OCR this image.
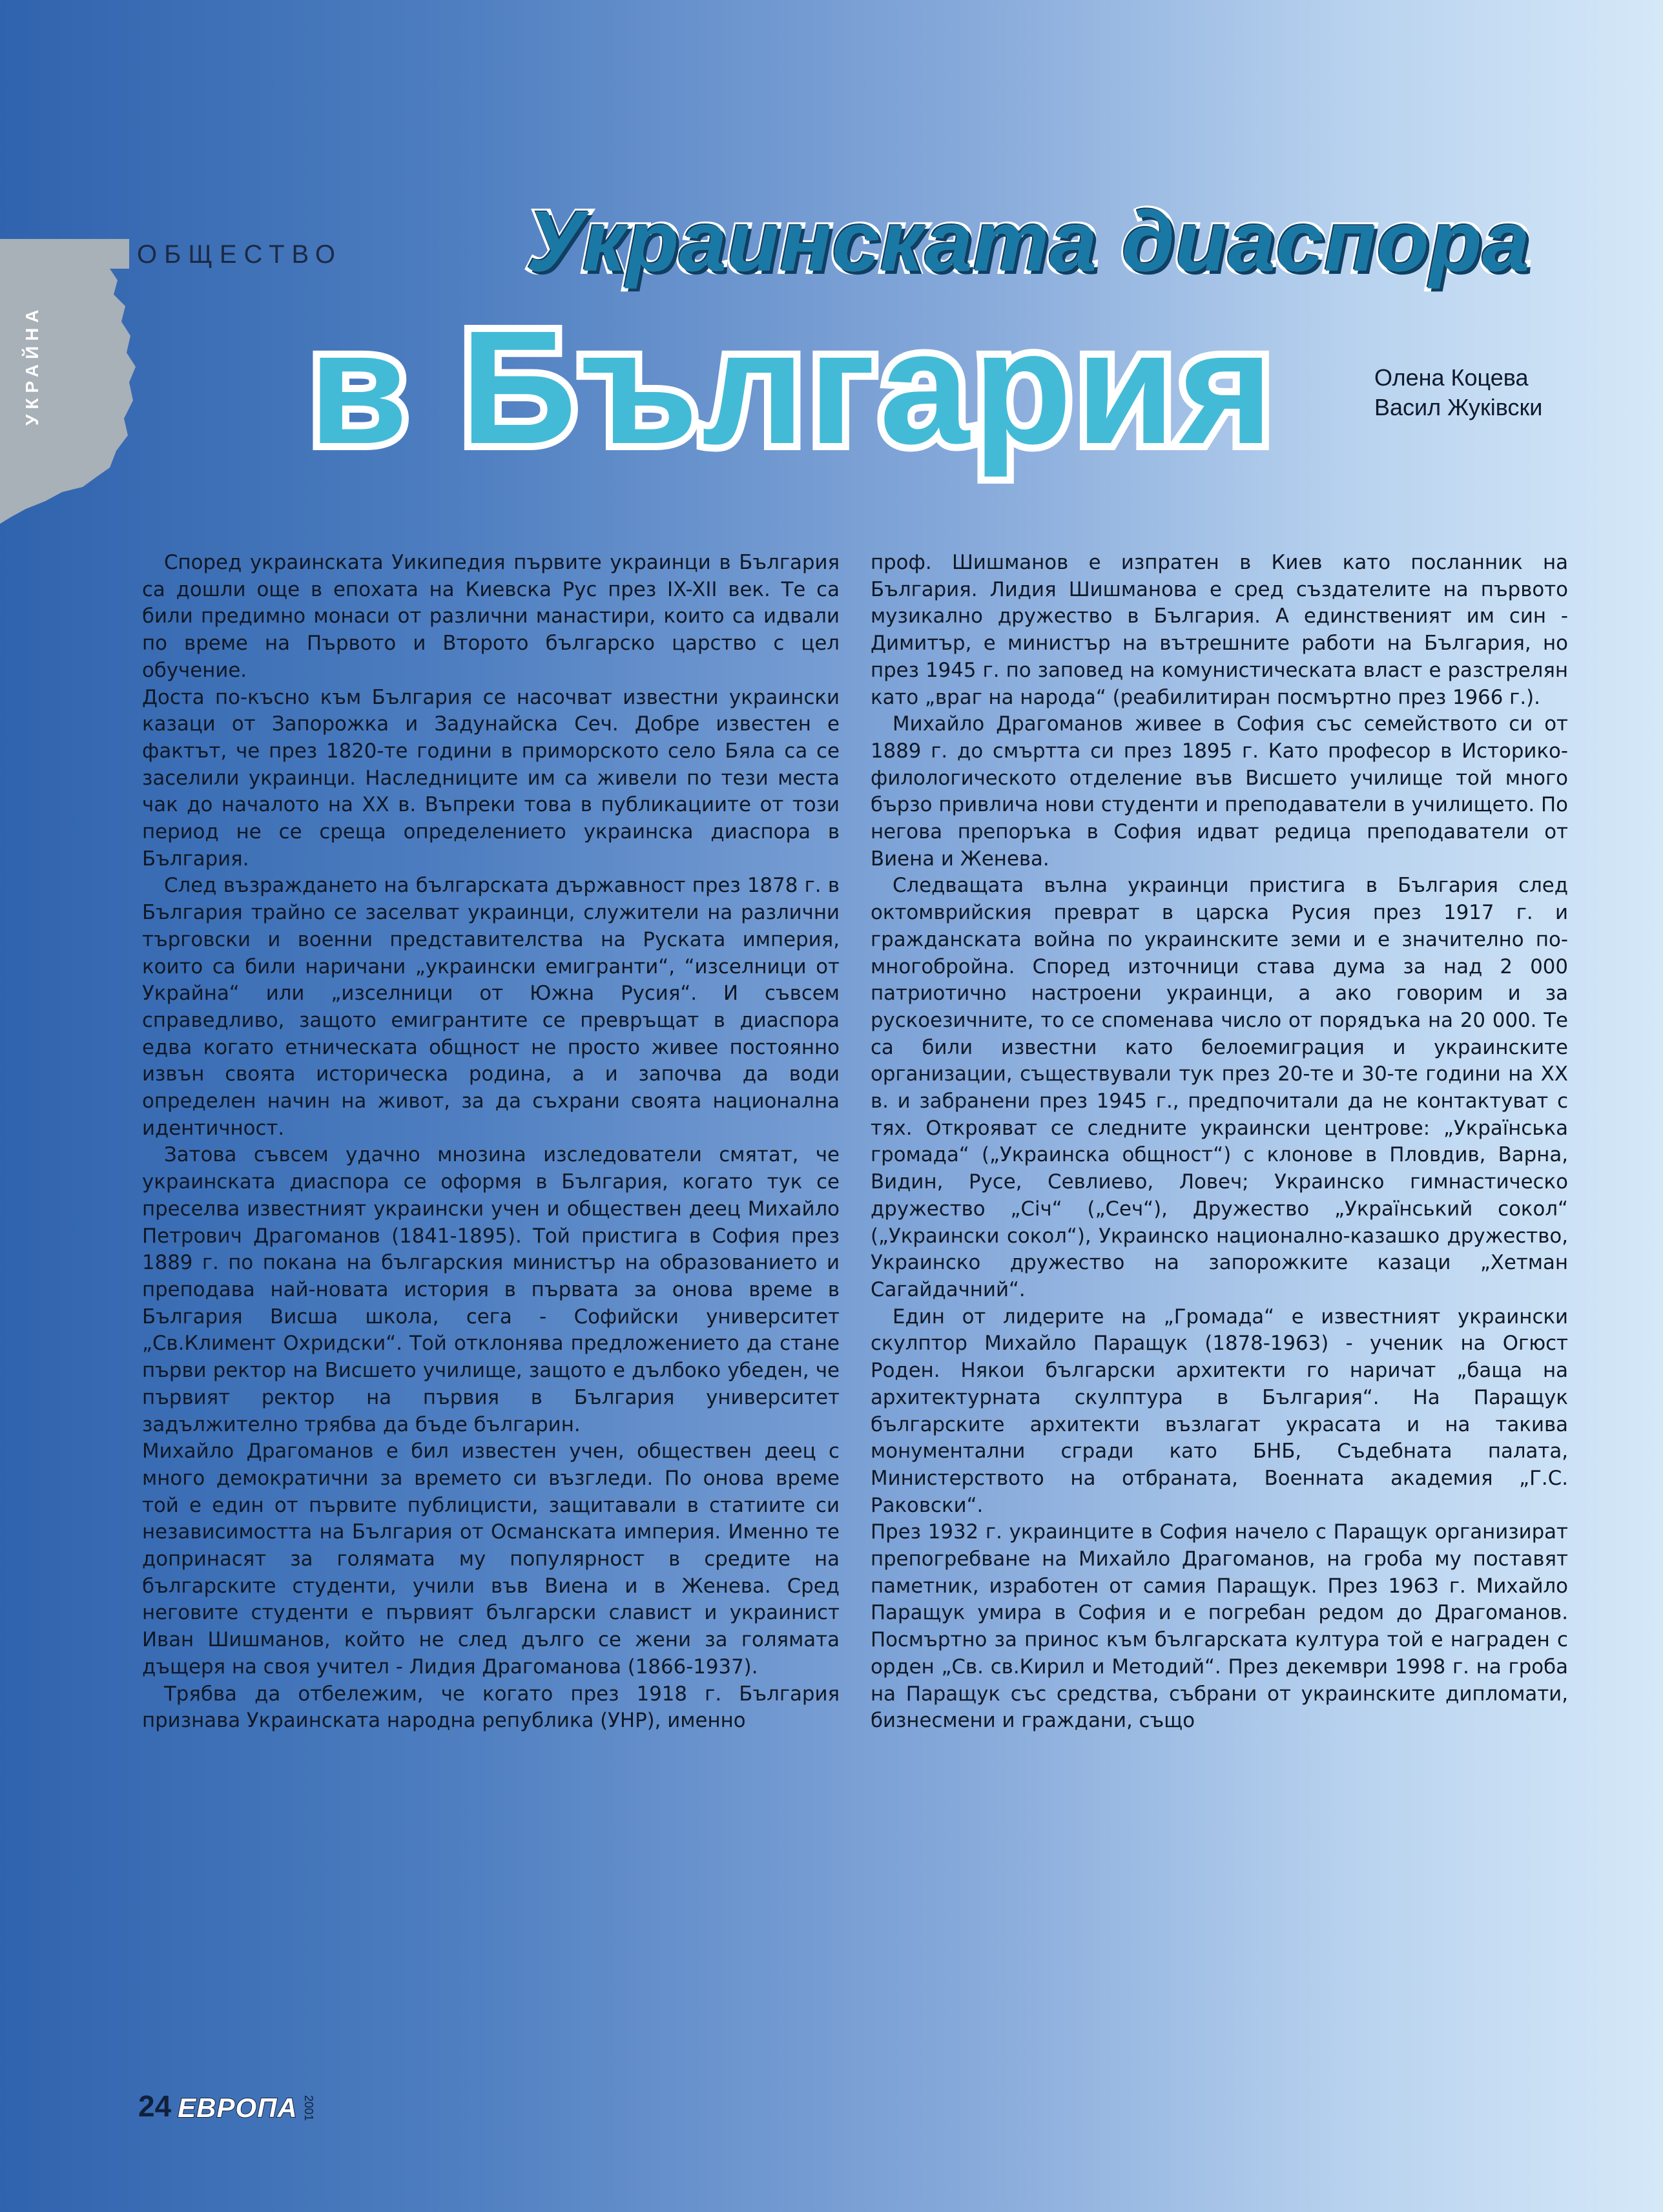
ОБЩЕСТВО
УКРАЙНА
Украинската диаспора
в България	Олена Коцева
Васил Жуківски

Според украинската Уикипедия първите украинци в България са дошли още в епохата на Киевска Рус през IX-XII век. Те са били предимно монаси от различни манастири, които са идвали по време на Първото и Второто българско царство с цел обучение.

Доста по-късно към България се насочват известни украински казаци от Запорожка и Задунайска Сеч. Добре известен е фактът, че през 1820-те години в приморското село Бяла са се заселили украинци. Наследниците им са живели по тези места чак до началото на XX в. Въпреки това в публикациите от този период не се среща определението украинска диаспора в България.

След възраждането на българската държавност през 1878 г. в България трайно се заселват украинци, служители на различни търговски и военни представителства на Руската империя, които са били наричани „украински емигранти“, “изселници от Украйна“ или „изселници от Южна Русия“. И съвсем справедливо, защото емигрантите се превръщат в диаспора едва когато етническата общност не просто живее постоянно извън своята историческа родина, а и започва да води определен начин на живот, за да съхрани своята национална идентичност.

Затова съвсем удачно мнозина изследователи смятат, че украинската диаспора се оформя в България, когато тук се преселва известният украински учен и обществен деец Михайло Петрович Драгоманов (1841-1895). Той пристига в София през 1889 г. по покана на българския министър на образованието и преподава най-новата история в първата за онова време в България Висша школа, сега - Софийски университет „Св.Климент Охридски“. Той отклонява предложението да стане първи ректор на Висшето училище, защото е дълбоко убеден, че първият ректор на първия в България университет задължително трябва да бъде българин.

Михайло Драгоманов е бил известен учен, обществен деец с много демократични за времето си възгледи. По онова време той е един от първите публицисти, защитавали в статиите си независимостта на България от Османската империя. Именно те допринасят за голямата му популярност в средите на българските студенти, учили във Виена и в Женева. Сред неговите студенти е първият български славист и украинист Иван Шишманов, който не след дълго се жени за голямата дъщеря на своя учител - Лидия Драгоманова (1866-1937).

Трябва да отбележим, че когато през 1918 г. България признава Украинската народна република (УНР), именно

проф. Шишманов е изпратен в Киев като посланник на България. Лидия Шишманова е сред създателите на първото музикално дружество в България. А единственият им син - Димитър, е министър на вътрешните работи на България, но през 1945 г. по заповед на комунистическата власт е разстрелян като „враг на народа“ (реабилитиран посмъртно през 1966 г.).

Михайло Драгоманов живее в София със семейството си от 1889 г. до смъртта си през 1895 г. Като професор в Историко-филологическото отделение във Висшето училище той много бързо привлича нови студенти и преподаватели в училището. По негова препоръка в София идват редица преподаватели от Виена и Женева.

Следващата вълна украинци пристига в България след октомврийския преврат в царска Русия през 1917 г. и гражданската война по украинските земи и е значително по-многобройна. Според източници става дума за над 2 000 патриотично настроени украинци, а ако говорим и за рускоезичните, то се споменава число от порядъка на 20 000. Те са били известни като белоемиграция и украинските организации, съществували тук през 20-те и 30-те години на XX в. и забранени през 1945 г., предпочитали да не контактуват с тях. Открояват се следните украински центрове: „Українська громада“ („Украинска общност“) с клонове в Пловдив, Варна, Видин, Русе, Севлиево, Ловеч; Украинско гимнастическо дружество „Січ“ („Сеч“), Дружество „Український сокол“ („Украински сокол“), Украинско национално-казашко дружество, Украинско дружество на запорожките казаци „Хетман Сагайдачний“.

Един от лидерите на „Громада“ е известният украински скулптор Михайло Паращук (1878-1963) - ученик на Огюст Роден. Някои български архитекти го наричат „баща на архитектурната скулптура в България“. На Паращук българските архитекти възлагат украсата и на такива монументални сгради като БНБ, Съдебната палата, Министерството на отбраната, Военната академия „Г.С. Раковски“.

През 1932 г. украинците в София начело с Паращук организират препогребване на Михайло Драгоманов, на гроба му поставят паметник, изработен от самия Паращук. През 1963 г. Михайло Паращук умира в София и е погребан редом до Драгоманов. Посмъртно за принос към българската култура той е награден с орден „Св. св.Кирил и Методий“. През декември 1998 г. на гроба на Паращук със средства, събрани от украинските дипломати, бизнесмени и граждани, също

24 ЕВРОПА 2001
